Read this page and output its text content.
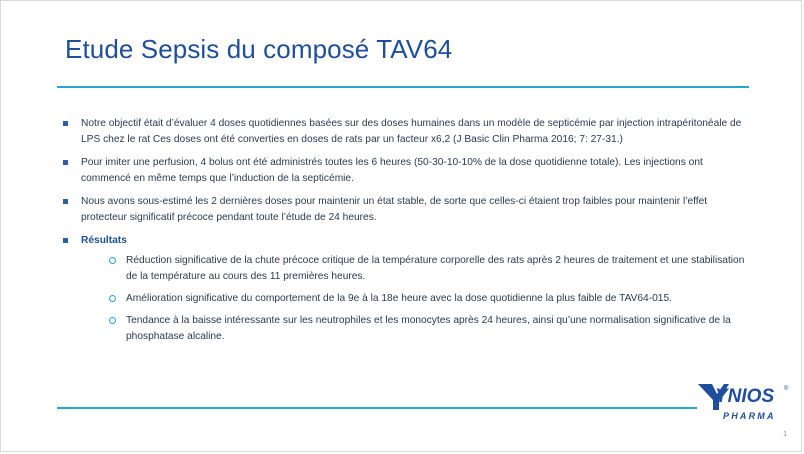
Etude Sepsis du composé TAV64
Notre objectif était d’évaluer 4 doses quotidiennes basées sur des doses humaines dans un modèle de septicémie par injection intrapéritonéale de LPS chez le rat Ces doses ont été converties en doses de rats par un facteur x6,2 (J Basic Clin Pharma 2016; 7: 27-31.)
Pour imiter une perfusion, 4 bolus ont été administrés toutes les 6 heures (50-30-10-10% de la dose quotidienne totale). Les injections ont commencé en même temps que l’induction de la septicémie.
Nous avons sous-estimé les 2 dernières doses pour maintenir un état stable, de sorte que celles-ci étaient trop faibles pour maintenir l’effet protecteur significatif précoce pendant toute l’étude de 24 heures.
Résultats
Réduction significative de la chute précoce critique de la température corporelle des rats après 2 heures de traitement et une stabilisation de la température au cours des 11 premières heures.
Amélioration significative du comportement de la 9e à la 18e heure avec la dose quotidienne la plus faible de TAV64-015.
Tendance à la baisse intéressante sur les neutrophiles et les monocytes après 24 heures, ainsi qu’une normalisation significative de la phosphatase alcaline.
YNIOS ®
PHARMA
1
